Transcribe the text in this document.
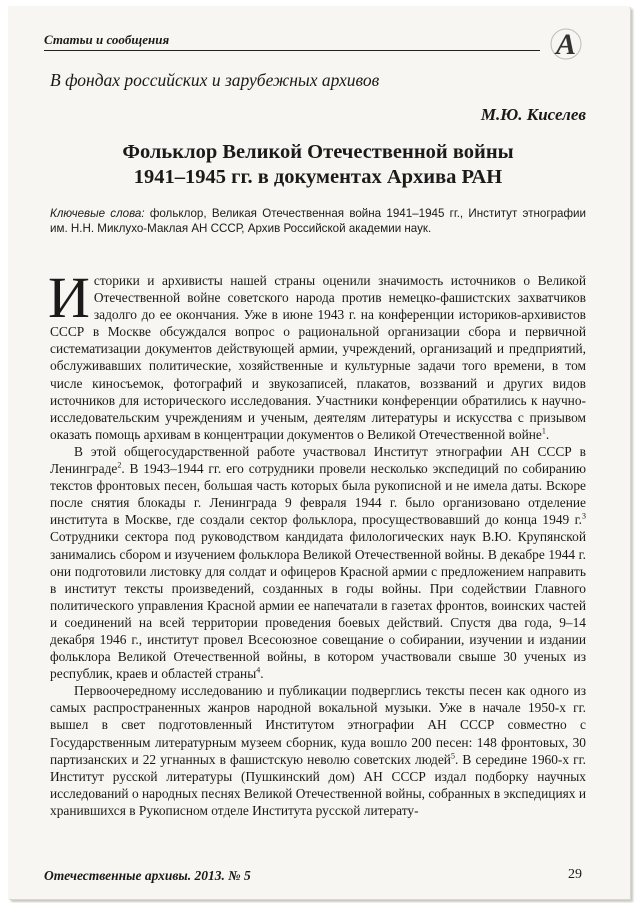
Статьи и сообщения	А
В фондах российских и зарубежных архивов
М.Ю. Киселев
Фольклор Великой Отечественной войны
1941–1945 гг. в документах Архива РАН
Ключевые слова: фольклор, Великая Отечественная война 1941–1945 гг., Институт этнографии им. Н.Н. Миклухо-Маклая АН СССР, Архив Российской академии наук.

Историки и архивисты нашей страны оценили значимость источников о Великой Отечественной войне советского народа против немецко-фашистских захватчиков задолго до ее окончания. Уже в июне 1943 г. на конференции историков-архивистов СССР в Москве обсуждался вопрос о рациональной организации сбора и первичной систематизации документов действующей армии, учреждений, организаций и предприятий, обслуживавших политические, хозяйственные и культурные задачи того времени, в том числе киносъемок, фотографий и звукозаписей, плакатов, воззваний и других видов источников для исторического исследования. Участники конференции обратились к научно-исследовательским учреждениям и ученым, деятелям литературы и искусства с призывом оказать помощь архивам в концентрации документов о Великой Отечественной войне$^1$.

В этой общегосударственной работе участвовал Институт этнографии АН СССР в Ленинграде$^2$. В 1943–1944 гг. его сотрудники провели несколько экспедиций по собиранию текстов фронтовых песен, большая часть которых была рукописной и не имела даты. Вскоре после снятия блокады г. Ленинграда 9 февраля 1944 г. было организовано отделение института в Москве, где создали сектор фольклора, просуществовавший до конца 1949 г.$^3$ Сотрудники сектора под руководством кандидата филологических наук В.Ю. Крупянской занимались сбором и изучением фольклора Великой Отечественной войны. В декабре 1944 г. они подготовили листовку для солдат и офицеров Красной армии с предложением направить в институт тексты произведений, созданных в годы войны. При содействии Главного политического управления Красной армии ее напечатали в газетах фронтов, воинских частей и соединений на всей территории проведения боевых действий. Спустя два года, 9–14 декабря 1946 г., институт провел Всесоюзное совещание о собирании, изучении и издании фольклора Великой Отечественной войны, в котором участвовали свыше 30 ученых из республик, краев и областей страны$^4$.

Первоочередному исследованию и публикации подверглись тексты песен как одного из самых распространенных жанров народной вокальной музыки. Уже в начале 1950-х гг. вышел в свет подготовленный Институтом этнографии АН СССР совместно с Государственным литературным музеем сборник, куда вошло 200 песен: 148 фронтовых, 30 партизанских и 22 угнанных в фашистскую неволю советских людей$^5$. В середине 1960-х гг. Институт русской литературы (Пушкинский дом) АН СССР издал подборку научных исследований о народных песнях Великой Отечественной войны, собранных в экспедициях и хранившихся в Рукописном отделе Института русской литерату-

Отечественные архивы. 2013. № 5	29
